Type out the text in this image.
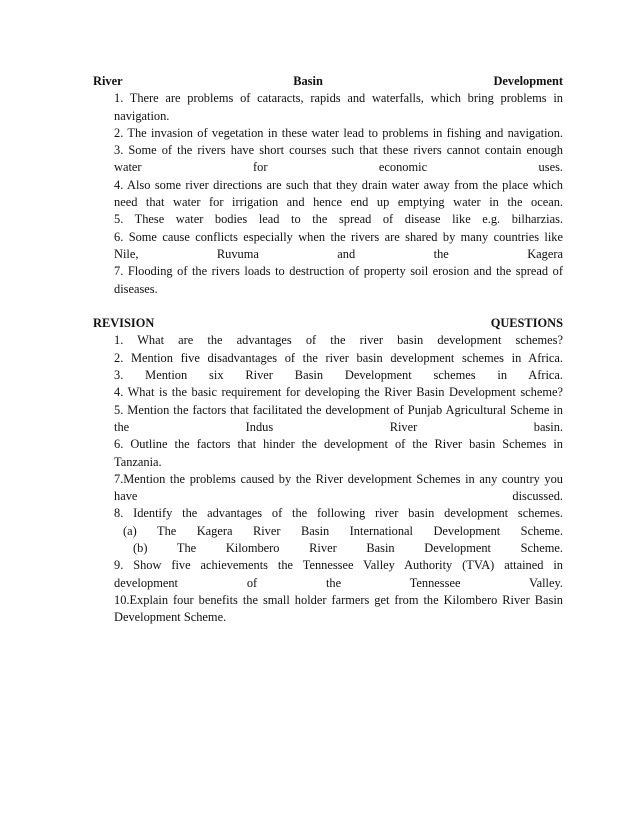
River	Basin	Development
1. There are problems of cataracts, rapids and waterfalls, which bring problems in
navigation.
2. The invasion of vegetation in these water lead to problems in fishing and navigation.
3. Some of the rivers have short courses such that these rivers cannot contain enough
water for economic uses.
4. Also some river directions are such that they drain water away from the place which
need that water for irrigation and hence end up emptying water in the ocean.
5. These water bodies lead to the spread of disease like e.g. bilharzias.
6. Some cause conflicts especially when the rivers are shared by many countries like
Nile, Ruvuma and the Kagera
7. Flooding of the rivers loads to destruction of property soil erosion and the spread of
diseases.
REVISION	QUESTIONS
1. What are the advantages of the river basin development schemes?
2. Mention five disadvantages of the river basin development schemes in Africa.
3. Mention six River Basin Development schemes in Africa.
4. What is the basic requirement for developing the River Basin Development scheme?
5. Mention the factors that facilitated the development of Punjab Agricultural Scheme in
the Indus River basin.
6. Outline the factors that hinder the development of the River basin Schemes in
Tanzania.
7.Mention the problems caused by the River development Schemes in any country you
have discussed.
8. Identify the advantages of the following river basin development schemes.
(a) The Kagera River Basin International Development Scheme.
(b) The Kilombero River Basin Development Scheme.
9. Show five achievements the Tennessee Valley Authority (TVA) attained in
development of the Tennessee Valley.
10.Explain four benefits the small holder farmers get from the Kilombero River Basin
Development Scheme.
